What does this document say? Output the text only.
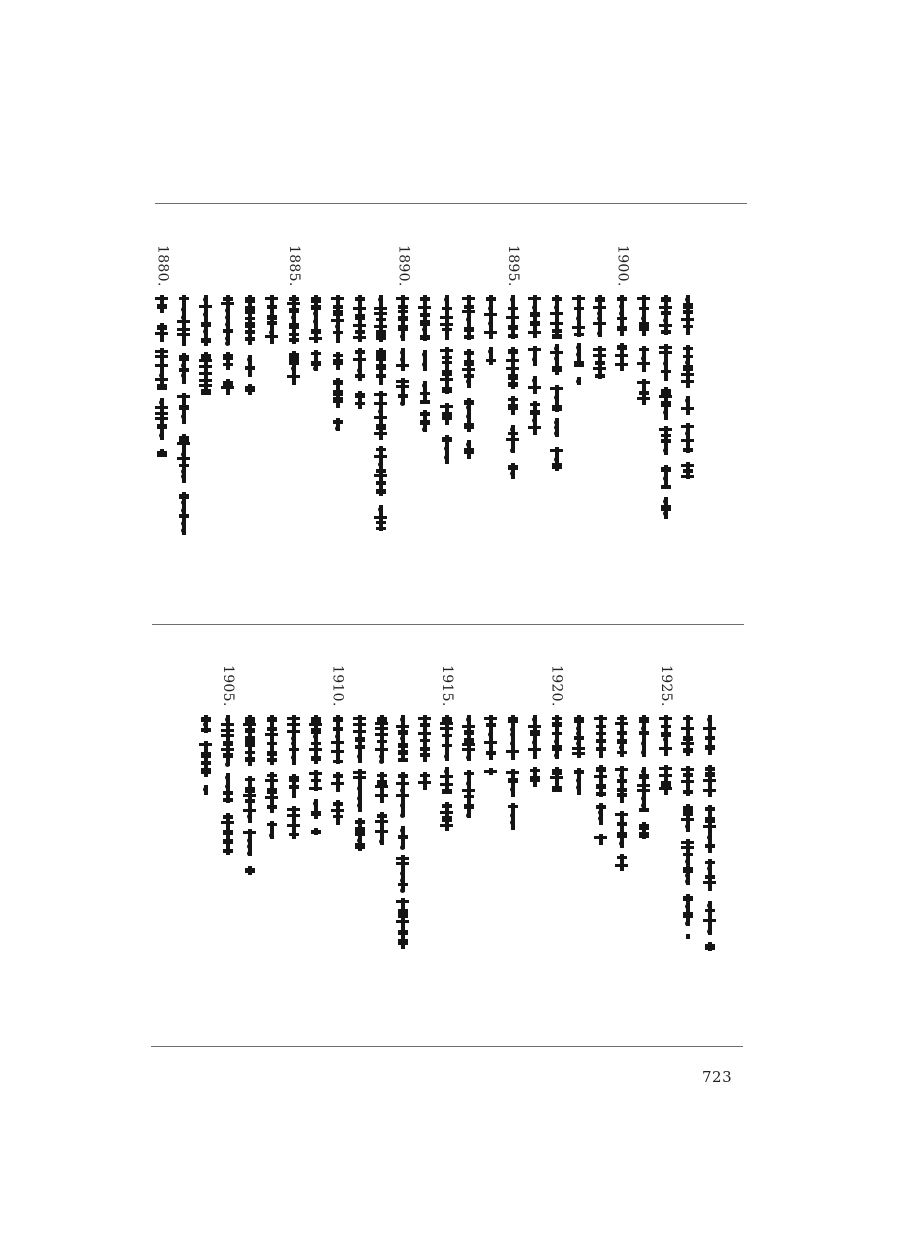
1900.
1895.
1890.
1885.
1880.
1925.
1920.
1915.
1910.
1905.
723
